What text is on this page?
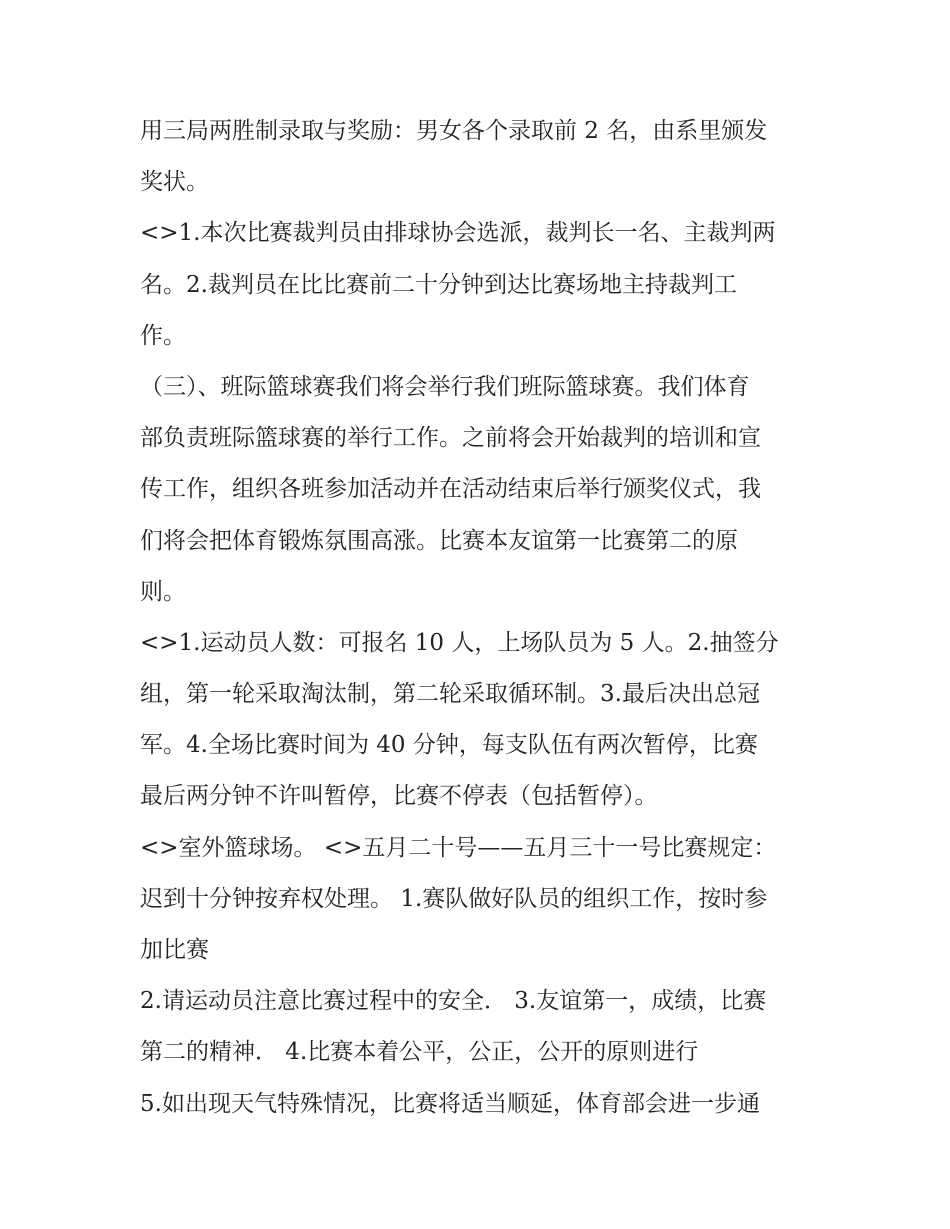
用三局两胜制录取与奖励：男女各个录取前 2 名，由系里颁发
奖状。
<>1.本次比赛裁判员由排球协会选派，裁判长一名、主裁判两
名。2.裁判员在比比赛前二十分钟到达比赛场地主持裁判工
作。
（三）、班际篮球赛我们将会举行我们班际篮球赛。我们体育
部负责班际篮球赛的举行工作。之前将会开始裁判的培训和宣
传工作，组织各班参加活动并在活动结束后举行颁奖仪式，我
们将会把体育锻炼氛围高涨。比赛本友谊第一比赛第二的原
则。
<>1.运动员人数：可报名 10 人，上场队员为 5 人。2.抽签分
组，第一轮采取淘汰制，第二轮采取循环制。3.最后决出总冠
军。4.全场比赛时间为 40 分钟，每支队伍有两次暂停，比赛
最后两分钟不许叫暂停，比赛不停表（包括暂停）。
<>室外篮球场。 <>五月二十号——五月三十一号比赛规定：
迟到十分钟按弃权处理。 1.赛队做好队员的组织工作，按时参
加比赛
2.请运动员注意比赛过程中的安全． 3.友谊第一，成绩，比赛
第二的精神． 4.比赛本着公平，公正，公开的原则进行
5.如出现天气特殊情况，比赛将适当顺延，体育部会进一步通
